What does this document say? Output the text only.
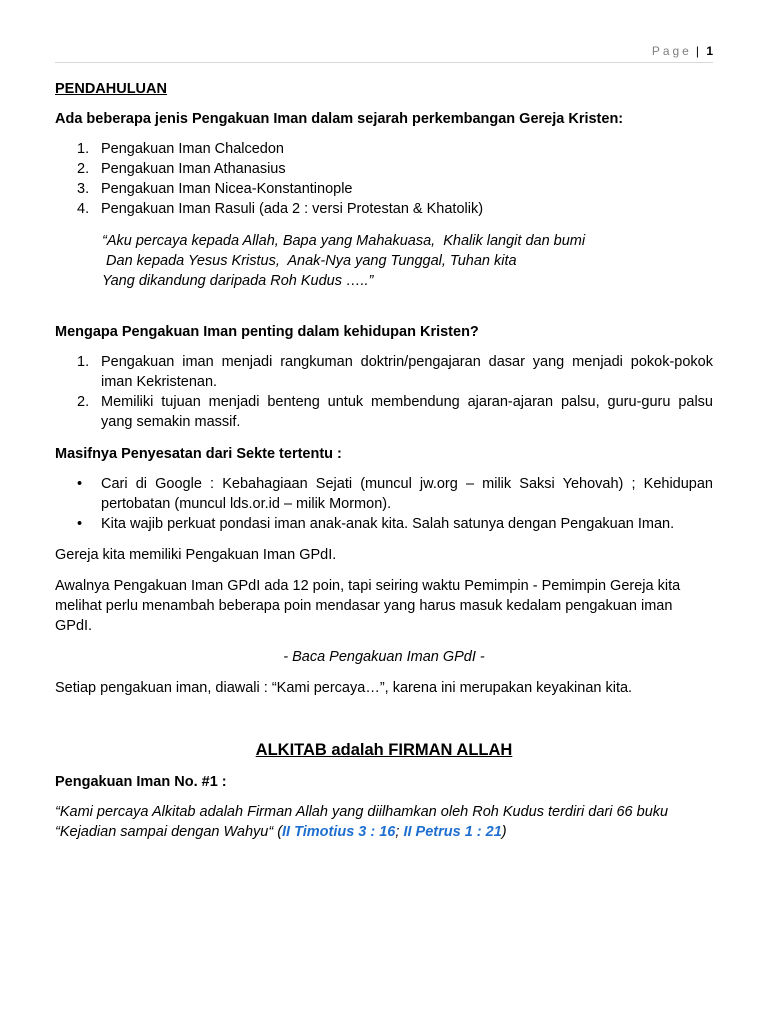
Page | 1

PENDAHULUAN

Ada beberapa jenis Pengakuan Iman dalam sejarah perkembangan Gereja Kristen:

1. Pengakuan Iman Chalcedon
2. Pengakuan Iman Athanasius
3. Pengakuan Iman Nicea-Konstantinople
4. Pengakuan Iman Rasuli (ada 2 : versi Protestan & Khatolik)

“Aku percaya kepada Allah, Bapa yang Mahakuasa,  Khalik langit dan bumi

Dan kepada Yesus Kristus,  Anak-Nya yang Tunggal, Tuhan kita

Yang dikandung daripada Roh Kudus …..”

Mengapa Pengakuan Iman penting dalam kehidupan Kristen?

1. Pengakuan iman menjadi rangkuman doktrin/pengajaran dasar yang menjadi pokok-pokok iman Kekristenan.
2. Memiliki tujuan menjadi benteng untuk membendung ajaran-ajaran palsu, guru-guru palsu yang semakin massif.

Masifnya Penyesatan dari Sekte tertentu :

• Cari di Google : Kebahagiaan Sejati (muncul jw.org – milik Saksi Yehovah) ; Kehidupan pertobatan (muncul lds.or.id – milik Mormon).
• Kita wajib perkuat pondasi iman anak-anak kita. Salah satunya dengan Pengakuan Iman.

Gereja kita memiliki Pengakuan Iman GPdI.

Awalnya Pengakuan Iman GPdI ada 12 poin, tapi seiring waktu Pemimpin - Pemimpin Gereja kita melihat perlu menambah beberapa poin mendasar yang harus masuk kedalam pengakuan iman GPdI.

- Baca Pengakuan Iman GPdI -

Setiap pengakuan iman, diawali : “Kami percaya…”, karena ini merupakan keyakinan kita.

ALKITAB adalah FIRMAN ALLAH

Pengakuan Iman No. #1 :

“Kami percaya Alkitab adalah Firman Allah yang diilhamkan oleh Roh Kudus terdiri dari 66 buku “Kejadian sampai dengan Wahyu“ (II Timotius 3 : 16; II Petrus 1 : 21)
